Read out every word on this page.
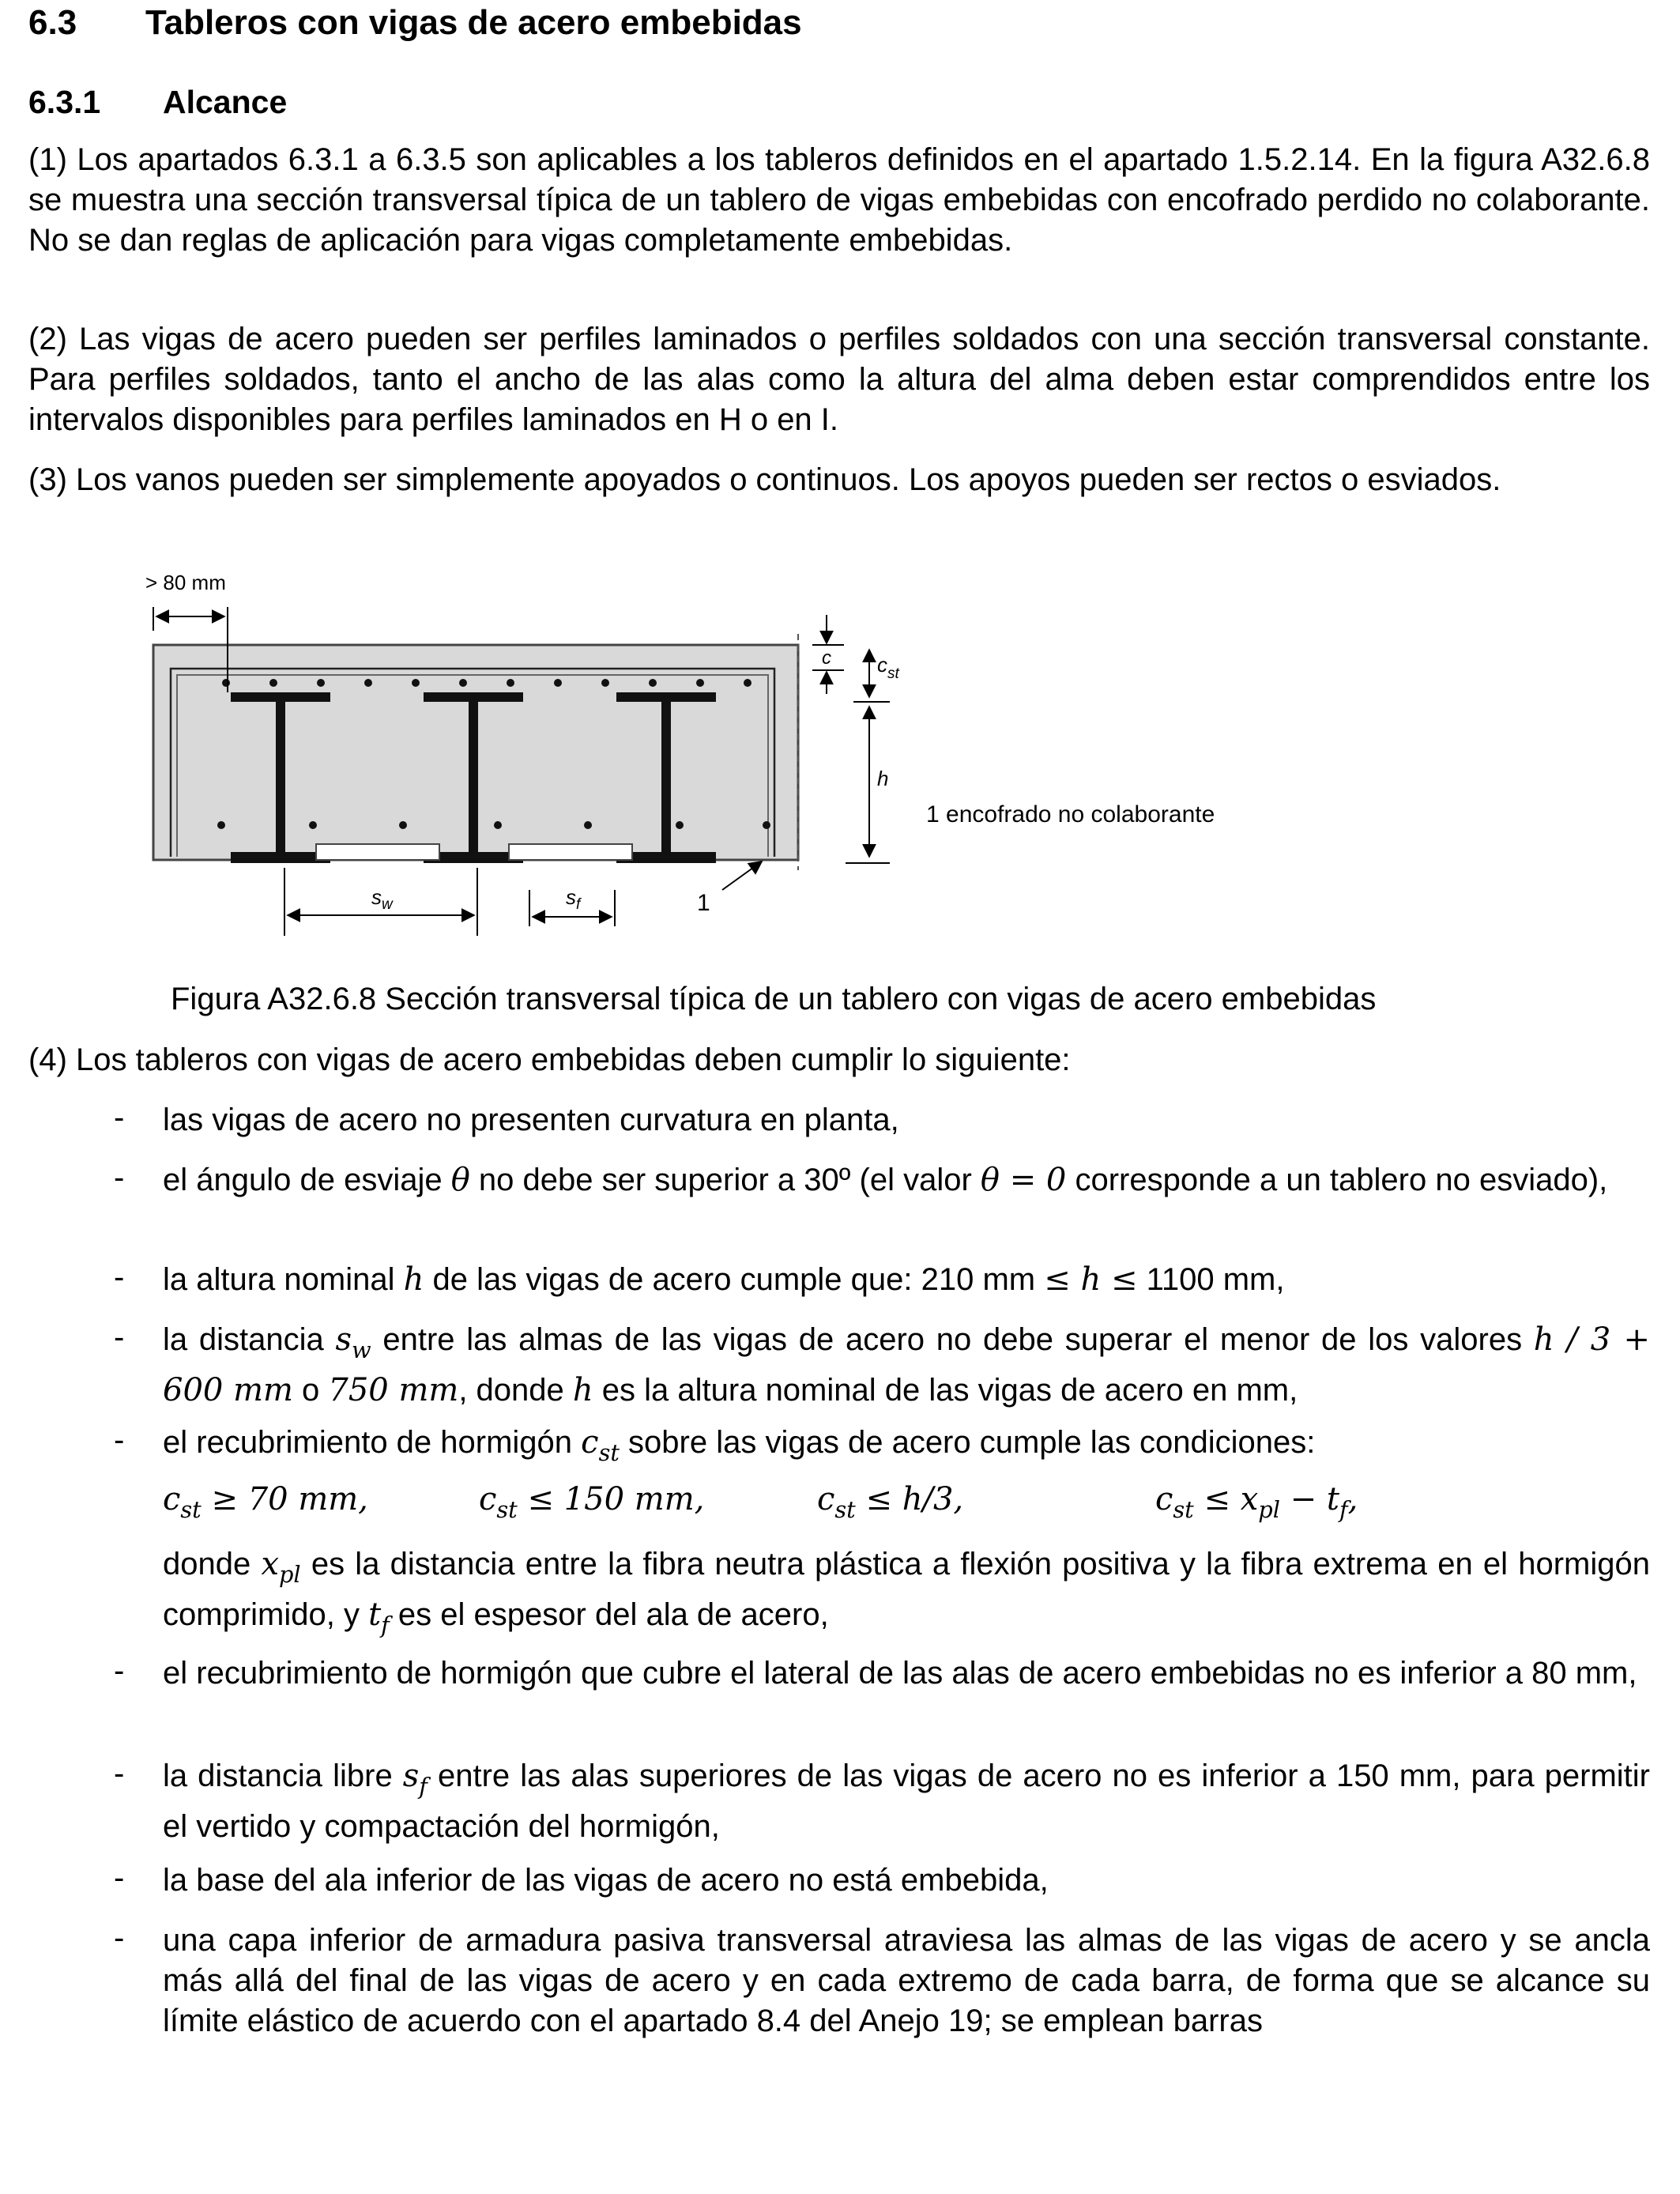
6.3 Tableros con vigas de acero embebidas
6.3.1 Alcance
(1) Los apartados 6.3.1 a 6.3.5 son aplicables a los tableros definidos en el apartado 1.5.2.14. En la figura A32.6.8 se muestra una sección transversal típica de un tablero de vigas embebidas con encofrado perdido no colaborante. No se dan reglas de aplicación para vigas completamente embebidas.
(2) Las vigas de acero pueden ser perfiles laminados o perfiles soldados con una sección transversal constante. Para perfiles soldados, tanto el ancho de las alas como la altura del alma deben estar comprendidos entre los intervalos disponibles para perfiles laminados en H o en I.
(3) Los vanos pueden ser simplemente apoyados o continuos. Los apoyos pueden ser rectos o esviados.
> 80 mm
c $c_{st}$
h
1 encofrado no colaborante
$s_w$	$s_f$	1
Figura A32.6.8 Sección transversal típica de un tablero con vigas de acero embebidas
(4) Los tableros con vigas de acero embebidas deben cumplir lo siguiente:
- las vigas de acero no presenten curvatura en planta,
- el ángulo de esviaje θ no debe ser superior a 30º (el valor θ = 0 corresponde a un tablero no esviado),
- la altura nominal h de las vigas de acero cumple que: 210 mm ≤ h ≤ 1100 mm,
- la distancia $s_w$ entre las almas de las vigas de acero no debe superar el menor de los valores h / 3 + 600 mm o 750 mm, donde h es la altura nominal de las vigas de acero en mm,
- el recubrimiento de hormigón $c_{st}$ sobre las vigas de acero cumple las condiciones:
$c_{st} \ge 70$ mm,	$c_{st} \le 150$ mm,	$c_{st} \le h/3$,	$c_{st} \le x_{pl} - t_f$,
donde $x_{pl}$ es la distancia entre la fibra neutra plástica a flexión positiva y la fibra extrema en el hormigón comprimido, y $t_f$ es el espesor del ala de acero,
- el recubrimiento de hormigón que cubre el lateral de las alas de acero embebidas no es inferior a 80 mm,
- la distancia libre $s_f$ entre las alas superiores de las vigas de acero no es inferior a 150 mm, para permitir el vertido y compactación del hormigón,
- la base del ala inferior de las vigas de acero no está embebida,
- una capa inferior de armadura pasiva transversal atraviesa las almas de las vigas de acero y se ancla más allá del final de las vigas de acero y en cada extremo de cada barra, de forma que se alcance su límite elástico de acuerdo con el apartado 8.4 del Anejo 19; se emplean barras
